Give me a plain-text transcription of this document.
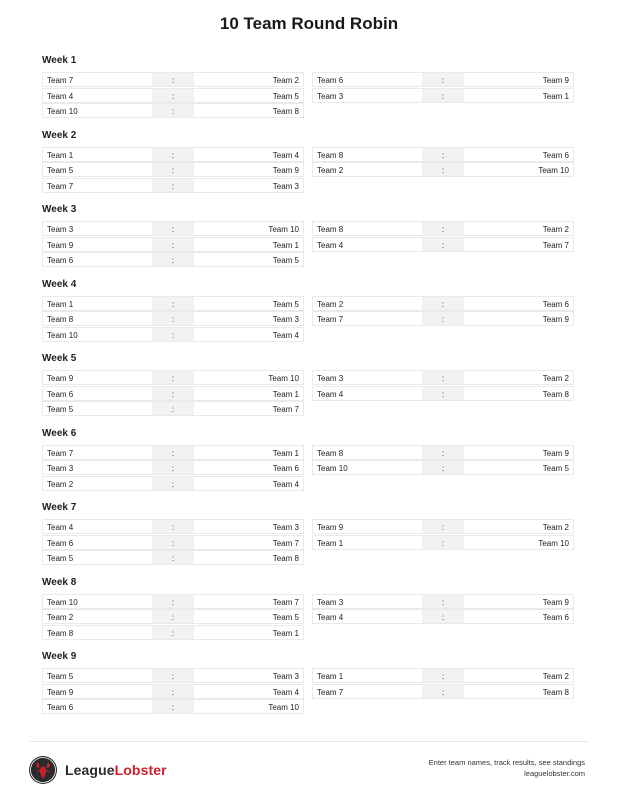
10 Team Round Robin
Week 1
Team 7	:	Team 2
Team 4	:	Team 5
Team 10	:	Team 8
Team 6	:	Team 9
Team 3	:	Team 1
Week 2
Team 1	:	Team 4
Team 5	:	Team 9
Team 7	:	Team 3
Team 8	:	Team 6
Team 2	:	Team 10
Week 3
Team 3	:	Team 10
Team 9	:	Team 1
Team 6	:	Team 5
Team 8	:	Team 2
Team 4	:	Team 7
Week 4
Team 1	:	Team 5
Team 8	:	Team 3
Team 10	:	Team 4
Team 2	:	Team 6
Team 7	:	Team 9
Week 5
Team 9	:	Team 10
Team 6	:	Team 1
Team 5	:	Team 7
Team 3	:	Team 2
Team 4	:	Team 8
Week 6
Team 7	:	Team 1
Team 3	:	Team 6
Team 2	:	Team 4
Team 8	:	Team 9
Team 10	:	Team 5
Week 7
Team 4	:	Team 3
Team 6	:	Team 7
Team 5	:	Team 8
Team 9	:	Team 2
Team 1	:	Team 10
Week 8
Team 10	:	Team 7
Team 2	:	Team 5
Team 8	:	Team 1
Team 3	:	Team 9
Team 4	:	Team 6
Week 9
Team 5	:	Team 3
Team 9	:	Team 4
Team 6	:	Team 10
Team 1	:	Team 2
Team 7	:	Team 8
LeagueLobster	Enter team names, track results, see standings
leaguelobster.com
